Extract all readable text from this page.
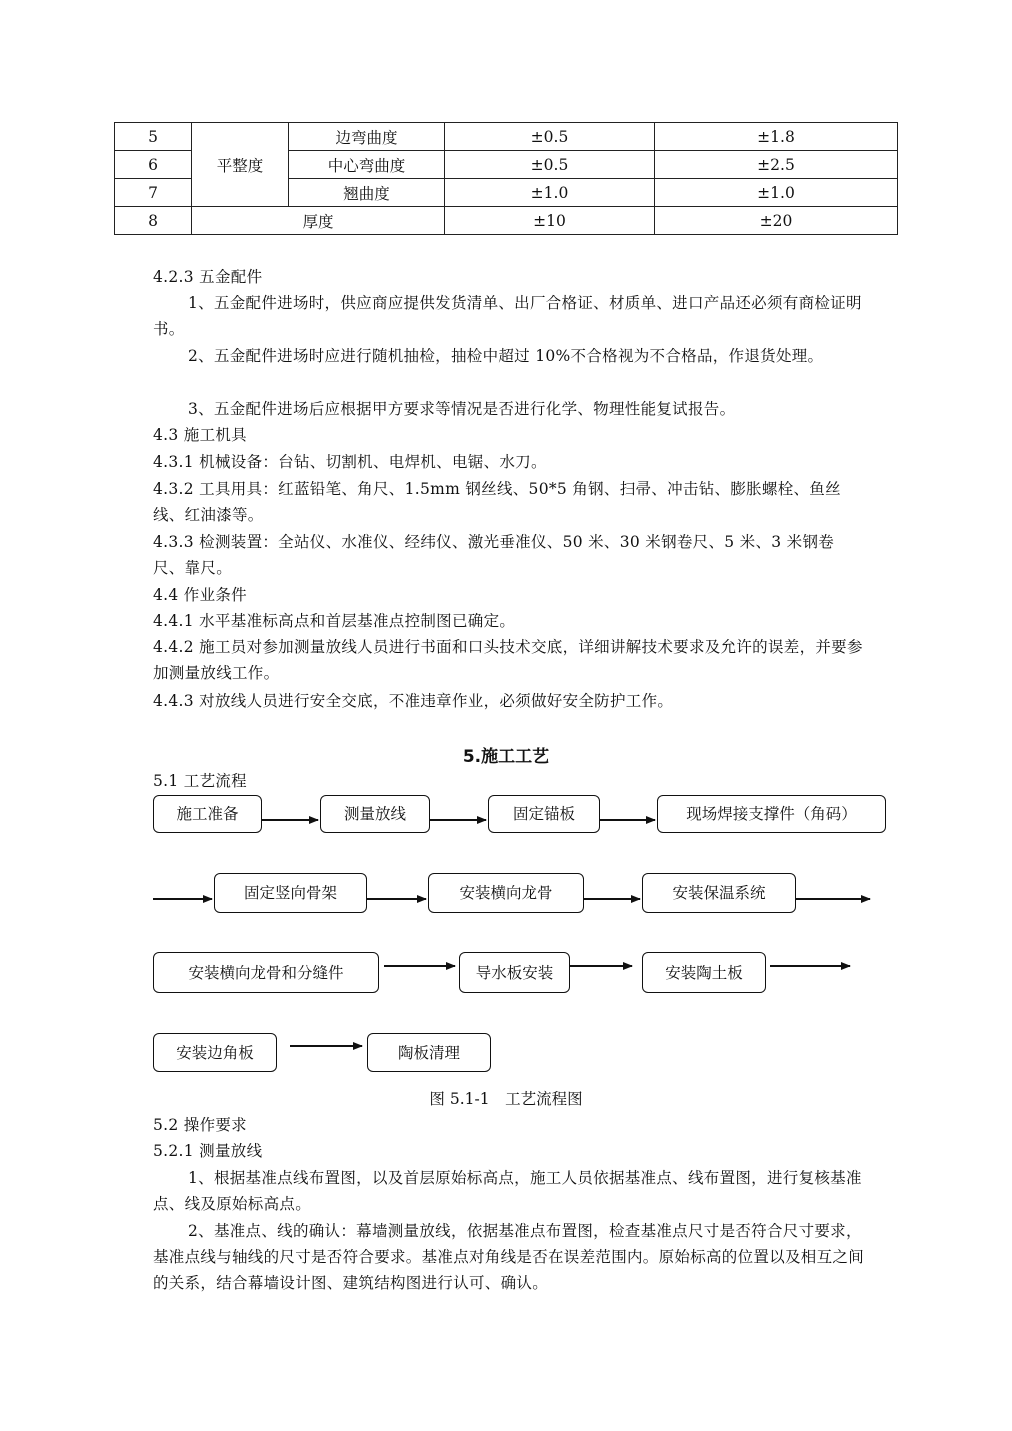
5	平整度	边弯曲度	±0.5	±1.8
6		中心弯曲度	±0.5	±2.5
7		翘曲度	±1.0	±1.0
8	厚度		±10	±20
4.2.3 五金配件
1、五金配件进场时，供应商应提供发货清单、出厂合格证、材质单、进口产品还必须有商检证明书。
2、五金配件进场时应进行随机抽检，抽检中超过 10%不合格视为不合格品，作退货处理。
3、五金配件进场后应根据甲方要求等情况是否进行化学、物理性能复试报告。
4.3 施工机具
4.3.1 机械设备：台钻、切割机、电焊机、电锯、水刀。
4.3.2 工具用具：红蓝铅笔、角尺、1.5mm 钢丝线、50*5 角钢、扫帚、冲击钻、膨胀螺栓、鱼丝线、红油漆等。
4.3.3 检测装置：全站仪、水准仪、经纬仪、激光垂准仪、50 米、30 米钢卷尺、5 米、3 米钢卷尺、靠尺。
4.4 作业条件
4.4.1 水平基准标高点和首层基准点控制图已确定。
4.4.2 施工员对参加测量放线人员进行书面和口头技术交底，详细讲解技术要求及允许的误差，并要参加测量放线工作。
4.4.3 对放线人员进行安全交底，不准违章作业，必须做好安全防护工作。
5.施工工艺
5.1 工艺流程
施工准备	测量放线	固定锚板	现场焊接支撑件（角码）
固定竖向骨架	安装横向龙骨	安装保温系统
安装横向龙骨和分缝件	导水板安装	安装陶土板
安装边角板	陶板清理
图 5.1-1　工艺流程图
5.2 操作要求
5.2.1 测量放线
1、根据基准点线布置图，以及首层原始标高点，施工人员依据基准点、线布置图，进行复核基准点、线及原始标高点。
2、基准点、线的确认：幕墙测量放线，依据基准点布置图，检查基准点尺寸是否符合尺寸要求，基准点线与轴线的尺寸是否符合要求。基准点对角线是否在误差范围内。原始标高的位置以及相互之间的关系，结合幕墙设计图、建筑结构图进行认可、确认。
